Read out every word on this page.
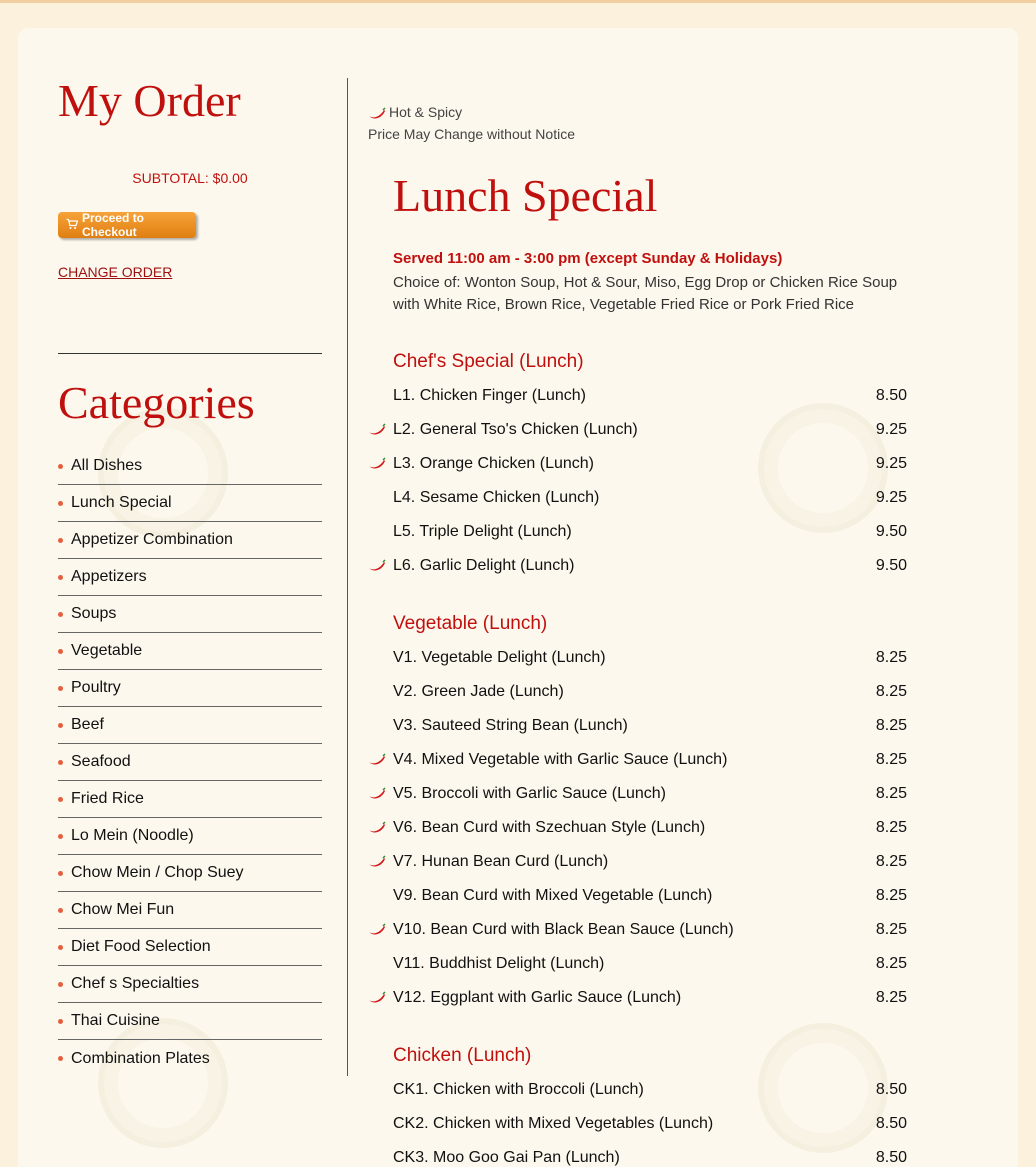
My Order
SUBTOTAL: $0.00
Proceed to Checkout
CHANGE ORDER
Categories
All Dishes
Lunch Special
Appetizer Combination
Appetizers
Soups
Vegetable
Poultry
Beef
Seafood
Fried Rice
Lo Mein (Noodle)
Chow Mein / Chop Suey
Chow Mei Fun
Diet Food Selection
Chef s Specialties
Thai Cuisine
Combination Plates
Hot & Spicy
Price May Change without Notice
Lunch Special
Served 11:00 am - 3:00 pm (except Sunday & Holidays)
Choice of: Wonton Soup, Hot & Sour, Miso, Egg Drop or Chicken Rice Soup with White Rice, Brown Rice, Vegetable Fried Rice or Pork Fried Rice
Chef's Special (Lunch)
L1. Chicken Finger (Lunch)	8.50
L2. General Tso's Chicken (Lunch)	9.25
L3. Orange Chicken (Lunch)	9.25
L4. Sesame Chicken (Lunch)	9.25
L5. Triple Delight (Lunch)	9.50
L6. Garlic Delight (Lunch)	9.50
Vegetable (Lunch)
V1. Vegetable Delight (Lunch)	8.25
V2. Green Jade (Lunch)	8.25
V3. Sauteed String Bean (Lunch)	8.25
V4. Mixed Vegetable with Garlic Sauce (Lunch)	8.25
V5. Broccoli with Garlic Sauce (Lunch)	8.25
V6. Bean Curd with Szechuan Style (Lunch)	8.25
V7. Hunan Bean Curd (Lunch)	8.25
V9. Bean Curd with Mixed Vegetable (Lunch)	8.25
V10. Bean Curd with Black Bean Sauce (Lunch)	8.25
V11. Buddhist Delight (Lunch)	8.25
V12. Eggplant with Garlic Sauce (Lunch)	8.25
Chicken (Lunch)
CK1. Chicken with Broccoli (Lunch)	8.50
CK2. Chicken with Mixed Vegetables (Lunch)	8.50
CK3. Moo Goo Gai Pan (Lunch)	8.50
